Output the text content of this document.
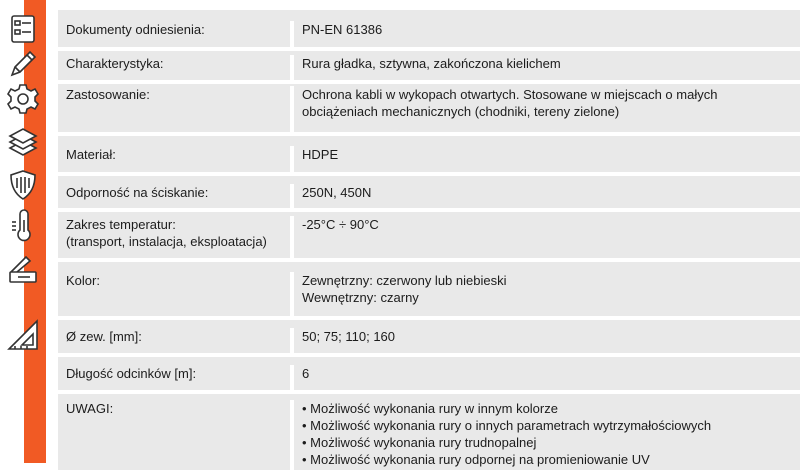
Dokumenty odniesienia:	PN-EN 61386
Charakterystyka:	Rura gładka, sztywna, zakończona kielichem
Zastosowanie:	Ochrona kabli w wykopach otwartych. Stosowane w miejscach o małych
obciążeniach mechanicznych (chodniki, tereny zielone)
Materiał:	HDPE
Odporność na ściskanie:	250N, 450N
Zakres temperatur:
(transport, instalacja, eksploatacja)
-25°C ÷ 90°C
Kolor:	Zewnętrzny: czerwony lub niebieski
Wewnętrzny: czarny
Ø zew. [mm]:	50; 75; 110; 160
Długość odcinków [m]:	6
UWAGI:
•	Możliwość wykonania rury w innym kolorze
• Możliwość wykonania rury o innych parametrach wytrzymałościowych
• Możliwość wykonania rury trudnopalnej
• Możliwość wykonania rury odpornej na promieniowanie UV
